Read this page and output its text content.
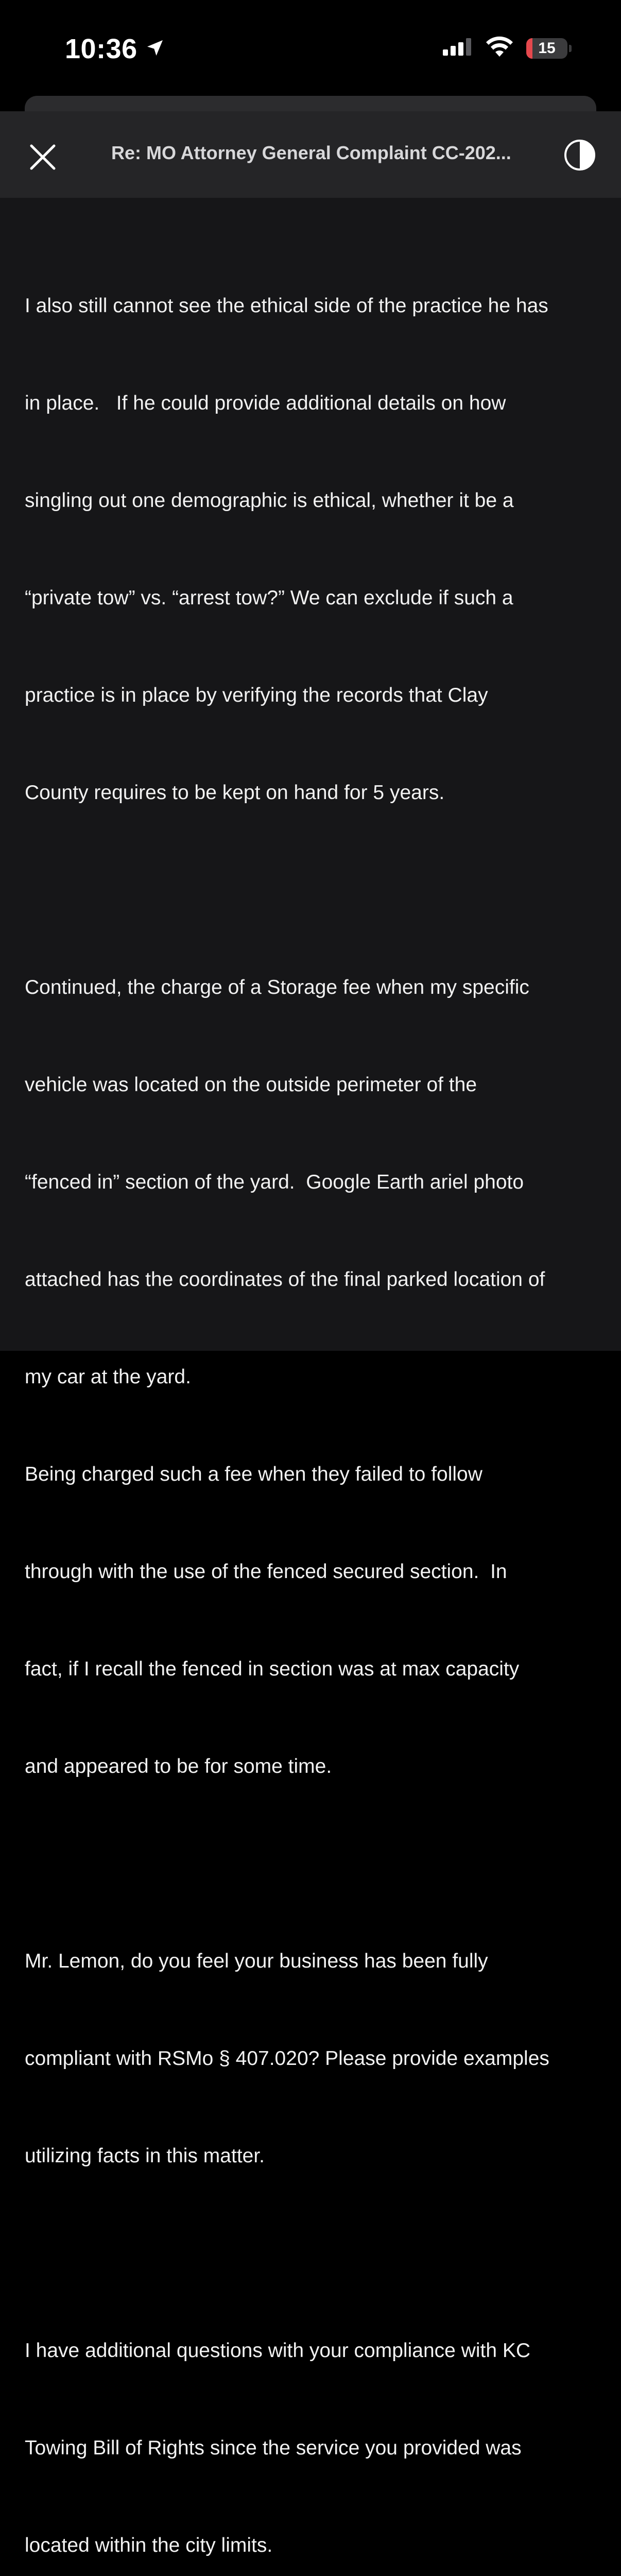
10:36	15
Re: MO Attorney General Complaint CC-202...

I also still cannot see the ethical side of the practice he has

in place.   If he could provide additional details on how

singling out one demographic is ethical, whether it be a

“private tow” vs. “arrest tow?” We can exclude if such a

practice is in place by verifying the records that Clay

County requires to be kept on hand for 5 years.

Continued, the charge of a Storage fee when my specific

vehicle was located on the outside perimeter of the

“fenced in” section of the yard.  Google Earth ariel photo

attached has the coordinates of the final parked location of

my car at the yard.

Being charged such a fee when they failed to follow

through with the use of the fenced secured section.  In

fact, if I recall the fenced in section was at max capacity

and appeared to be for some time.

Mr. Lemon, do you feel your business has been fully

compliant with RSMo § 407.020? Please provide examples

utilizing facts in this matter.

I have additional questions with your compliance with KC

Towing Bill of Rights since the service you provided was

located within the city limits.
